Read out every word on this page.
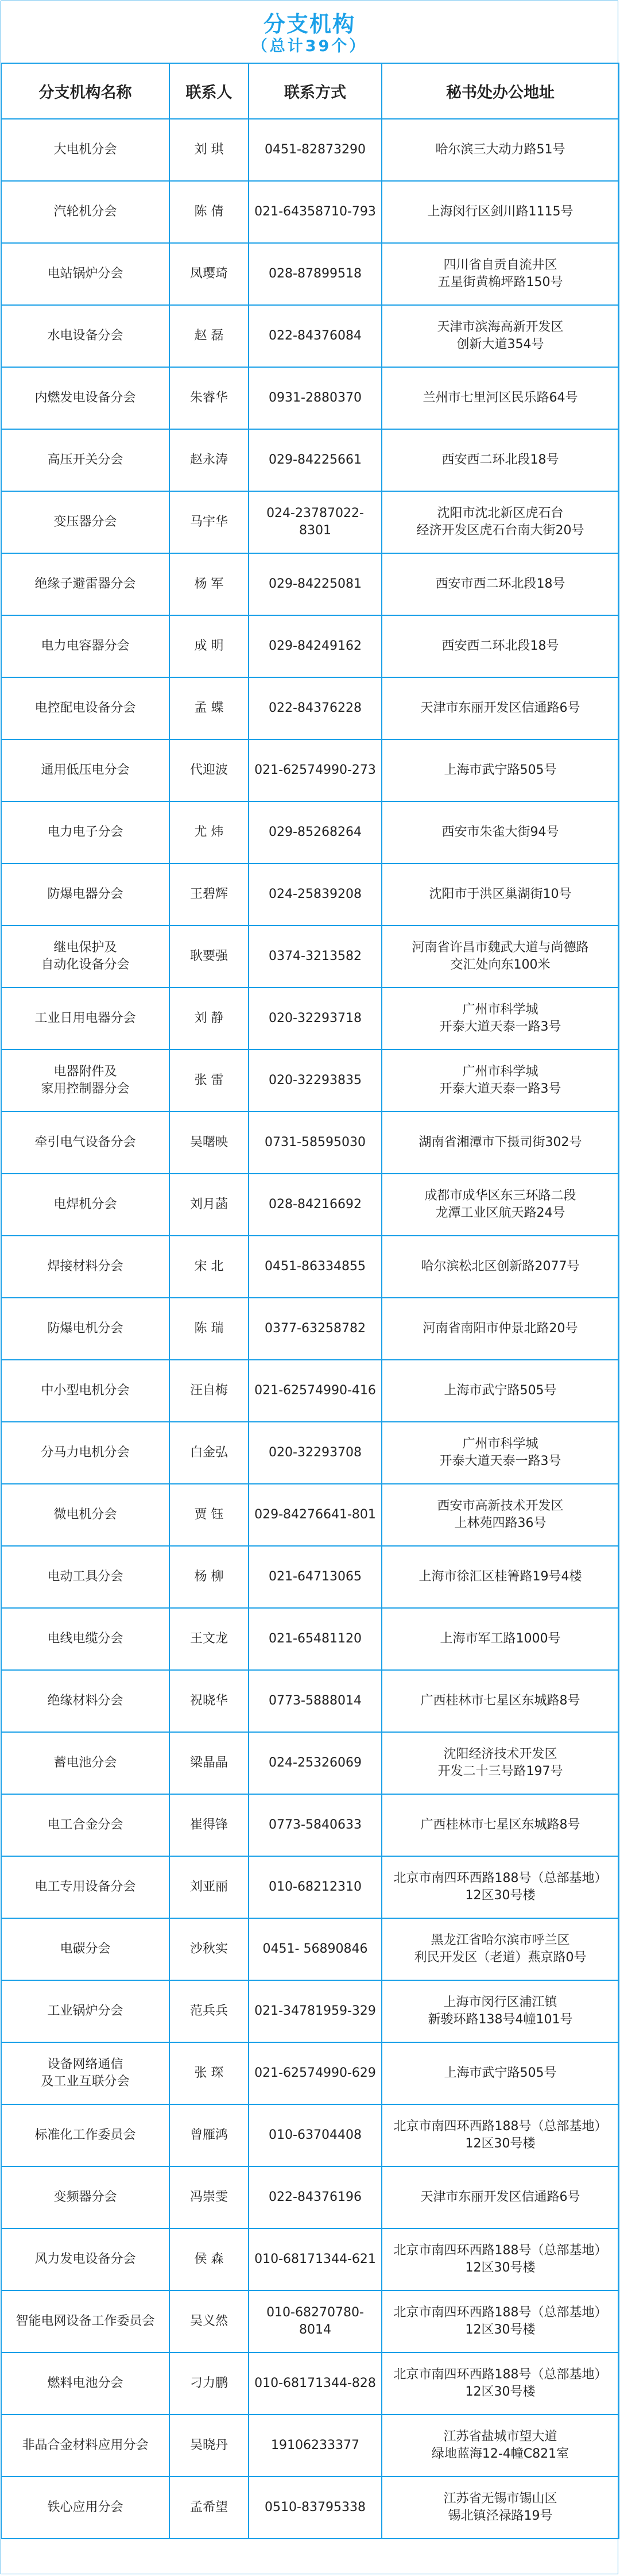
分支机构
（总计39个）
分支机构名称	联系人	联系方式	秘书处办公地址

大电机分会	刘 琪	0451-82873290	哈尔滨三大动力路51号

汽轮机分会	陈 倩	021-64358710-793	上海闵行区剑川路1115号

电站锅炉分会	凤璎琦	028-87899518	四川省自贡自流井区
五星街黄桷坪路150号

水电设备分会	赵 磊	022-84376084	天津市滨海高新开发区
创新大道354号

内燃发电设备分会	朱睿华	0931-2880370	兰州市七里河区民乐路64号

高压开关分会	赵永涛	029-84225661	西安西二环北段18号

变压器分会	马宇华	024-23787022-8301	沈阳市沈北新区虎石台
经济开发区虎石台南大街20号

绝缘子避雷器分会	杨 军	029-84225081	西安市西二环北段18号

电力电容器分会	成 明	029-84249162	西安西二环北段18号

电控配电设备分会	孟 蝶	022-84376228	天津市东丽开发区信通路6号

通用低压电分会	代迎波	021-62574990-273	上海市武宁路505号

电力电子分会	尤 炜	029-85268264	西安市朱雀大街94号

防爆电器分会	王碧辉	024-25839208	沈阳市于洪区巢湖街10号

继电保护及
自动化设备分会	耿要强	0374-3213582	河南省许昌市魏武大道与尚德路
交汇处向东100米

工业日用电器分会	刘 静	020-32293718	广州市科学城
开泰大道天泰一路3号

电器附件及
家用控制器分会	张 雷	020-32293835	广州市科学城
开泰大道天泰一路3号

牵引电气设备分会	吴曙映	0731-58595030	湖南省湘潭市下摄司街302号

电焊机分会	刘月菡	028-84216692	成都市成华区东三环路二段
龙潭工业区航天路24号

焊接材料分会	宋 北	0451-86334855	哈尔滨松北区创新路2077号

防爆电机分会	陈 瑞	0377-63258782	河南省南阳市仲景北路20号

中小型电机分会	汪自梅	021-62574990-416	上海市武宁路505号

分马力电机分会	白金弘	020-32293708	广州市科学城
开泰大道天泰一路3号

微电机分会	贾 钰	029-84276641-801	西安市高新技术开发区
上林苑四路36号

电动工具分会	杨 柳	021-64713065	上海市徐汇区桂箐路19号4楼

电线电缆分会	王文龙	021-65481120	上海市军工路1000号

绝缘材料分会	祝晓华	0773-5888014	广西桂林市七星区东城路8号

蓄电池分会	梁晶晶	024-25326069	沈阳经济技术开发区
开发二十三号路197号

电工合金分会	崔得锋	0773-5840633	广西桂林市七星区东城路8号

电工专用设备分会	刘亚丽	010-68212310	北京市南四环西路188号（总部基地）
12区30号楼

电碳分会	沙秋实	0451- 56890846	黑龙江省哈尔滨市呼兰区
利民开发区（老道）燕京路0号

工业锅炉分会	范兵兵	021-34781959-329	上海市闵行区浦江镇
新骏环路138号4幢101号

设备网络通信
及工业互联分会	张 琛	021-62574990-629	上海市武宁路505号

标准化工作委员会	曾雁鸿	010-63704408	北京市南四环西路188号（总部基地）
12区30号楼

变频器分会	冯崇雯	022-84376196	天津市东丽开发区信通路6号

风力发电设备分会	侯 森	010-68171344-621	北京市南四环西路188号（总部基地）
12区30号楼

智能电网设备工作委员会	吴义然	010-68270780-8014	北京市南四环西路188号（总部基地）
12区30号楼

燃料电池分会	刁力鹏	010-68171344-828	北京市南四环西路188号（总部基地）
12区30号楼

非晶合金材料应用分会	吴晓丹	19106233377	江苏省盐城市望大道
绿地蓝海12-4幢C821室

铁心应用分会	孟希望	0510-83795338	江苏省无锡市锡山区
锡北镇泾禄路19号
